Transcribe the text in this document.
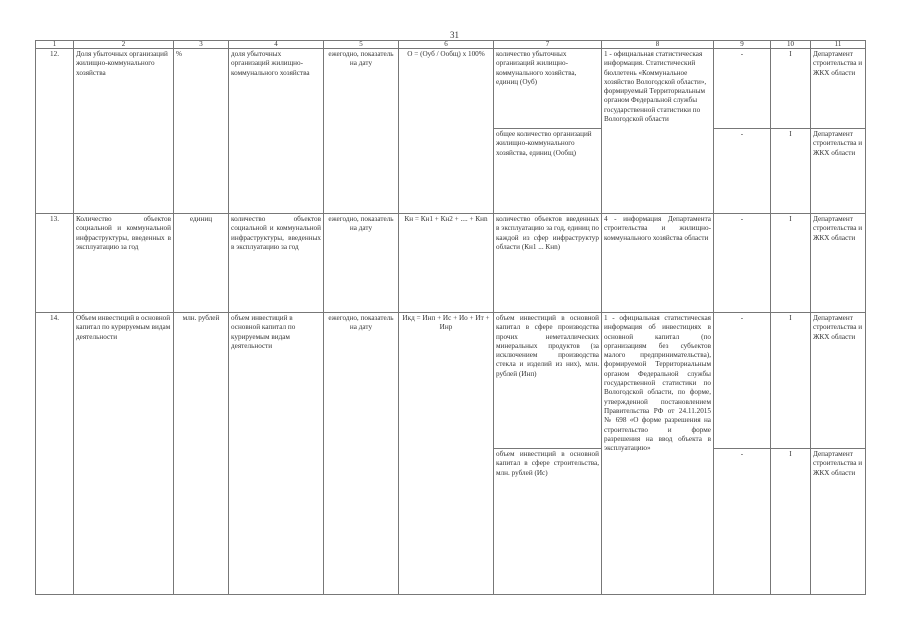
31
1	2	3	4	5	6	7	8	9	10	11
12.	Доля убыточных организаций жилищно-коммунального хозяйства	%	доля убыточных организаций жилищно-коммунального хозяйства	ежегодно, показатель на дату	О = (Оуб / Ообщ) х 100%	количество убыточных организаций жилищно-коммунального хозяйства, единиц (Оуб)	1 - официальная статистическая информация. Статистический бюллетень «Коммунальное хозяйство Вологодской области», формируемый Территориальным органом Федеральной службы государственной статистики по Вологодской области	-	I	Департамент строительства и ЖКХ области
						общее количество организаций жилищно-коммунального хозяйства, единиц (Ообщ)		-	I	Департамент строительства и ЖКХ области
13.	Количество объектов социальной и коммунальной инфраструктуры, введенных в эксплуатацию за год	единиц	количество объектов социальной и коммунальной инфраструктуры, введенных в эксплуатацию за год	ежегодно, показатель на дату	Кн = Кн1 + Кн2 + .... + Кнn	количество объектов введенных в эксплуатацию за год, единиц по каждой из сфер инфраструктур области (Кн1 ... Кнn)	4 - информация Департамента строительства и жилищно-коммунального хозяйства области	-	I	Департамент строительства и ЖКХ области
14.	Объем инвестиций в основной капитал по курируемым видам деятельности	млн. рублей	объем инвестиций в основной капитал по курируемым видам деятельности	ежегодно, показатель на дату	Икд = Инп + Ис + Ио + Ит + Инр	объем инвестиций в основной капитал в сфере производства прочих неметаллических минеральных продуктов (за исключением производства стекла и изделий из них), млн. рублей (Инп)	1 - официальная статистическая информация об инвестициях в основной капитал (по организациям без субъектов малого предпринимательства), формируемой Территориальным органом Федеральной службы государственной статистики по Вологодской области, по форме, утвержденной постановлением Правительства РФ от 24.11.2015 № 698 «О форме разрешения на строительство и форме разрешения на ввод объекта в эксплуатацию»	-	I	Департамент строительства и ЖКХ области
						объем инвестиций в основной капитал в сфере строительства, млн. рублей (Ис)		-	I	Департамент строительства и ЖКХ области
